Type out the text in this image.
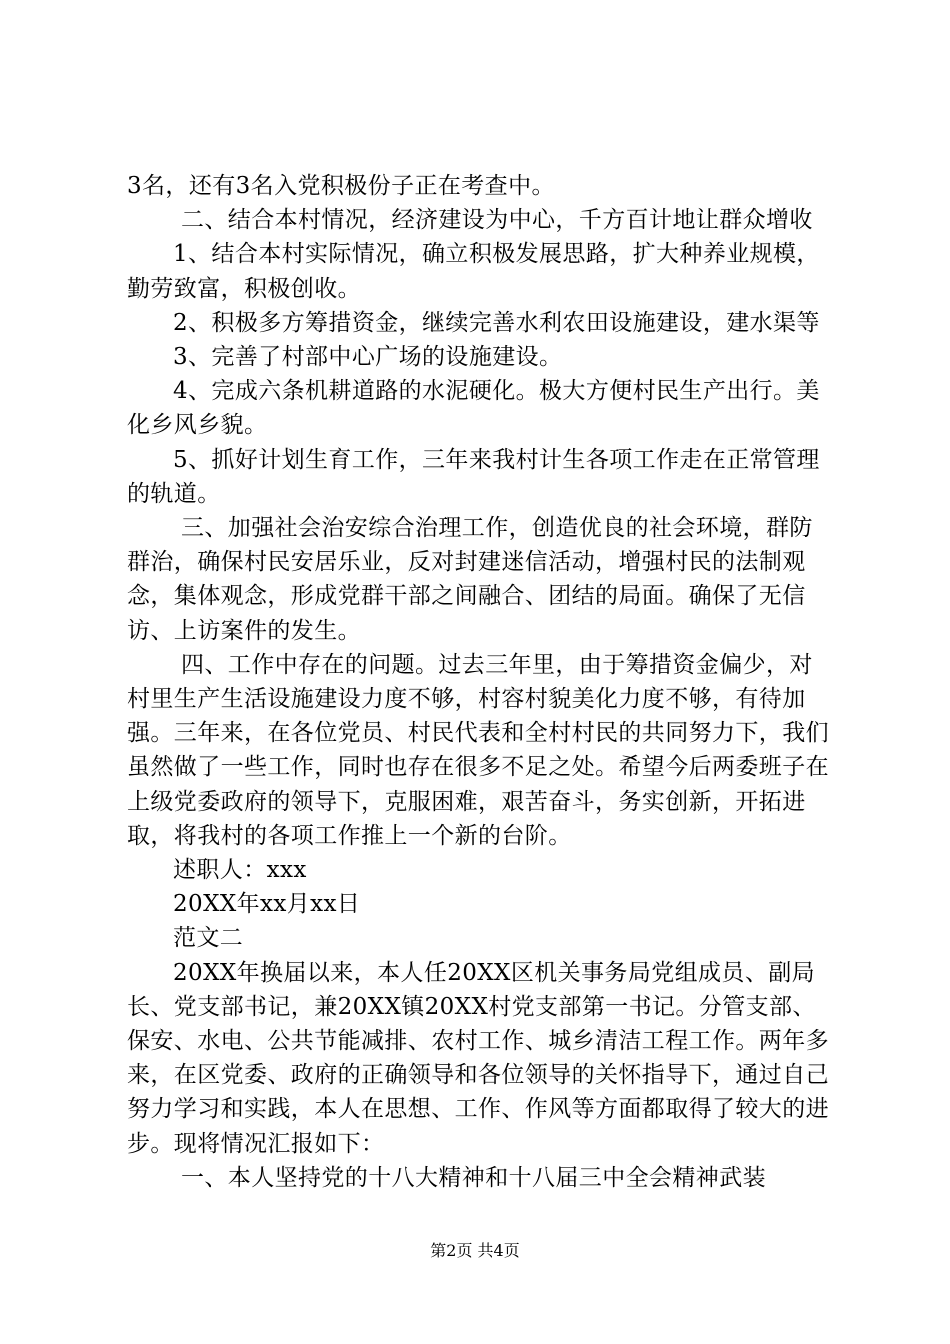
3名，还有3名入党积极份子正在考查中。

二、结合本村情况，经济建设为中心，千方百计地让群众增收

1、结合本村实际情况，确立积极发展思路，扩大种养业规模，勤劳致富，积极创收。

2、积极多方筹措资金，继续完善水利农田设施建设，建水渠等

3、完善了村部中心广场的设施建设。

4、完成六条机耕道路的水泥硬化。极大方便村民生产出行。美化乡风乡貌。

5、抓好计划生育工作，三年来我村计生各项工作走在正常管理的轨道。

三、加强社会治安综合治理工作，创造优良的社会环境，群防群治，确保村民安居乐业，反对封建迷信活动，增强村民的法制观念，集体观念，形成党群干部之间融合、团结的局面。确保了无信访、上访案件的发生。

四、工作中存在的问题。过去三年里，由于筹措资金偏少，对村里生产生活设施建设力度不够，村容村貌美化力度不够，有待加强。三年来，在各位党员、村民代表和全村村民的共同努力下，我们虽然做了一些工作，同时也存在很多不足之处。希望今后两委班子在上级党委政府的领导下，克服困难，艰苦奋斗，务实创新，开拓进取，将我村的各项工作推上一个新的台阶。

述职人：xxx

20XX年xx月xx日

范文二

20XX年换届以来，本人任20XX区机关事务局党组成员、副局长、党支部书记，兼20XX镇20XX村党支部第一书记。分管支部、保安、水电、公共节能减排、农村工作、城乡清洁工程工作。两年多来，在区党委、政府的正确领导和各位领导的关怀指导下，通过自己努力学习和实践，本人在思想、工作、作风等方面都取得了较大的进步。现将情况汇报如下：

一、本人坚持党的十八大精神和十八届三中全会精神武装

第2页 共4页
